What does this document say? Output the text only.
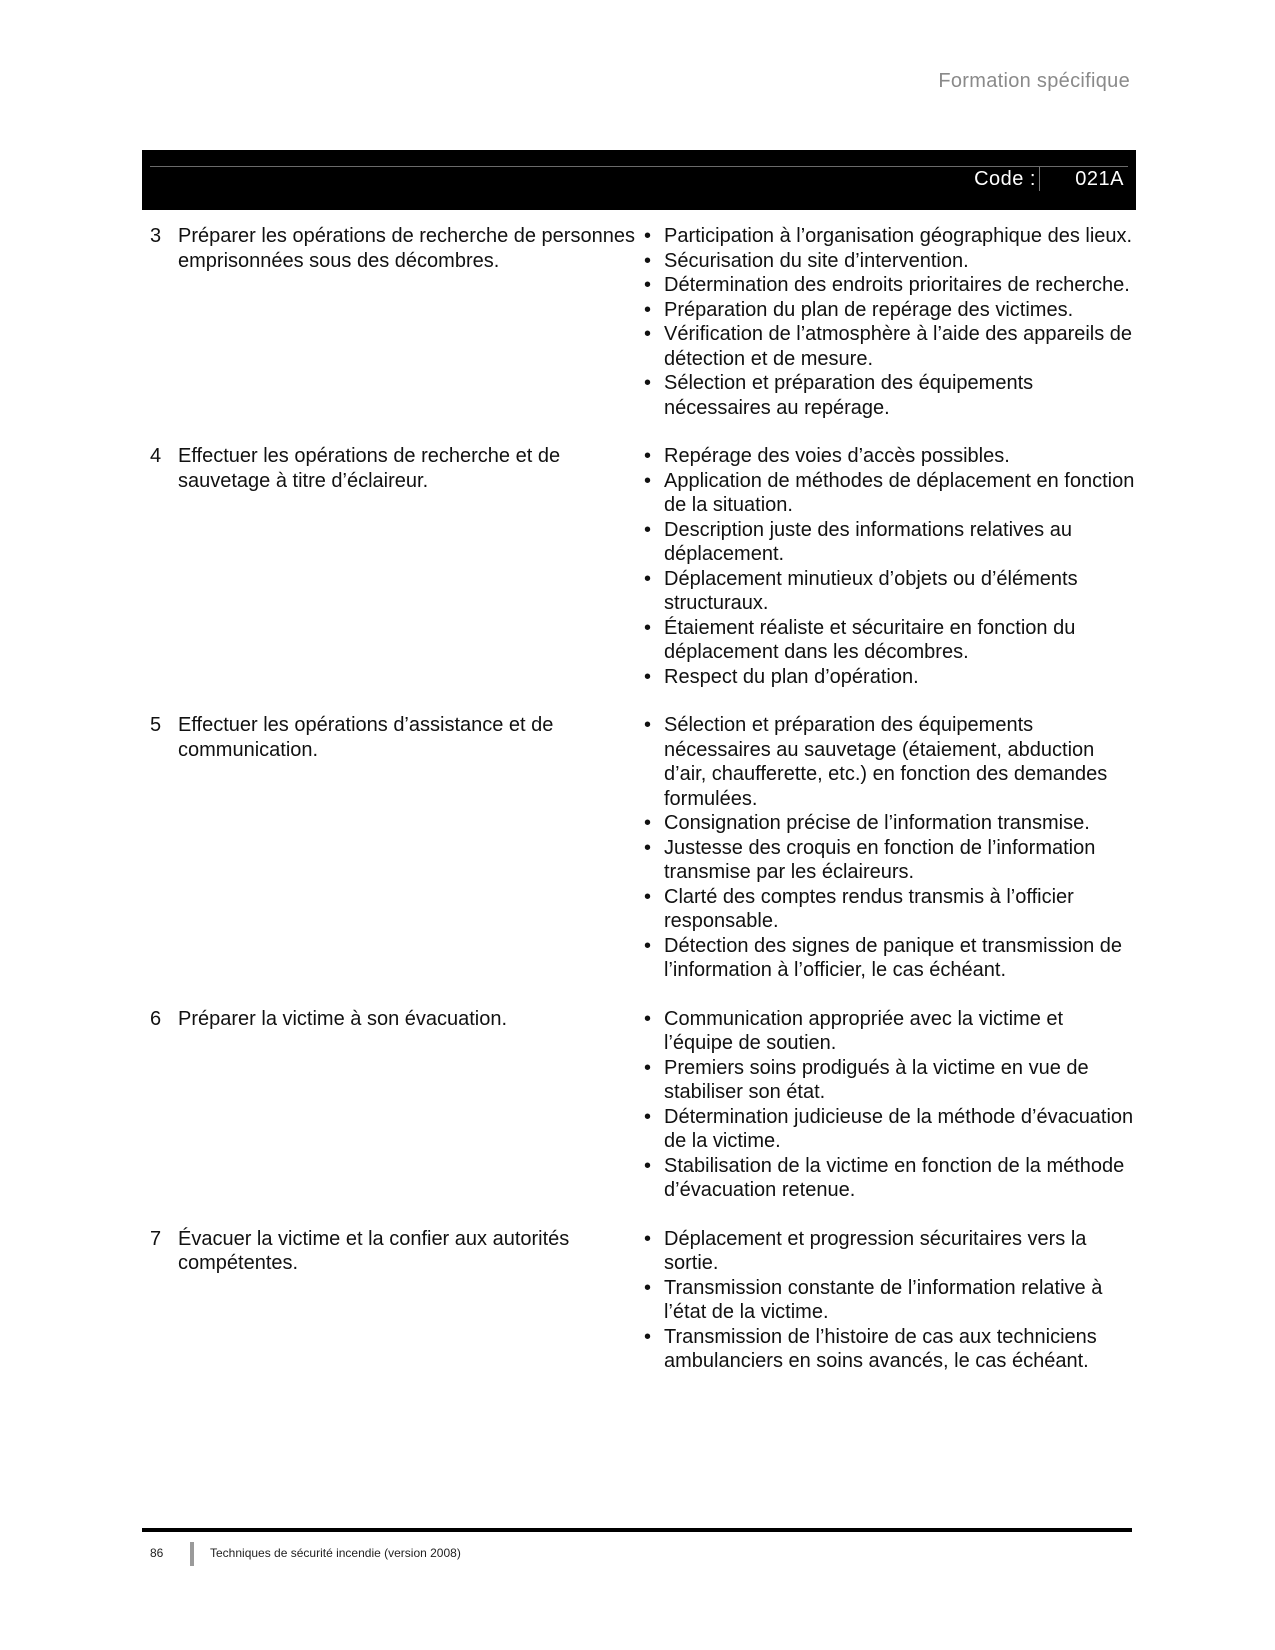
Formation spécifique
Code : 021A
3 Préparer les opérations de recherche de personnes emprisonnées sous des décombres.
• Participation à l’organisation géographique des lieux.
• Sécurisation du site d’intervention.
• Détermination des endroits prioritaires de recherche.
• Préparation du plan de repérage des victimes.
• Vérification de l’atmosphère à l’aide des appareils de détection et de mesure.
• Sélection et préparation des équipements nécessaires au repérage.
4 Effectuer les opérations de recherche et de sauvetage à titre d’éclaireur.
• Repérage des voies d’accès possibles.
• Application de méthodes de déplacement en fonction de la situation.
• Description juste des informations relatives au déplacement.
• Déplacement minutieux d’objets ou d’éléments structuraux.
• Étaiement réaliste et sécuritaire en fonction du déplacement dans les décombres.
• Respect du plan d’opération.
5 Effectuer les opérations d’assistance et de communication.
• Sélection et préparation des équipements nécessaires au sauvetage (étaiement, abduction d’air, chaufferette, etc.) en fonction des demandes formulées.
• Consignation précise de l’information transmise.
• Justesse des croquis en fonction de l’information transmise par les éclaireurs.
• Clarté des comptes rendus transmis à l’officier responsable.
• Détection des signes de panique et transmission de l’information à l’officier, le cas échéant.
6 Préparer la victime à son évacuation.	• Communication appropriée avec la victime et l’équipe de soutien.
• Premiers soins prodigués à la victime en vue de stabiliser son état.
• Détermination judicieuse de la méthode d’évacuation de la victime.
• Stabilisation de la victime en fonction de la méthode d’évacuation retenue.
7 Évacuer la victime et la confier aux autorités compétentes.
• Déplacement et progression sécuritaires vers la sortie.
• Transmission constante de l’information relative à l’état de la victime.
• Transmission de l’histoire de cas aux techniciens ambulanciers en soins avancés, le cas échéant.
86	Techniques de sécurité incendie (version 2008)
